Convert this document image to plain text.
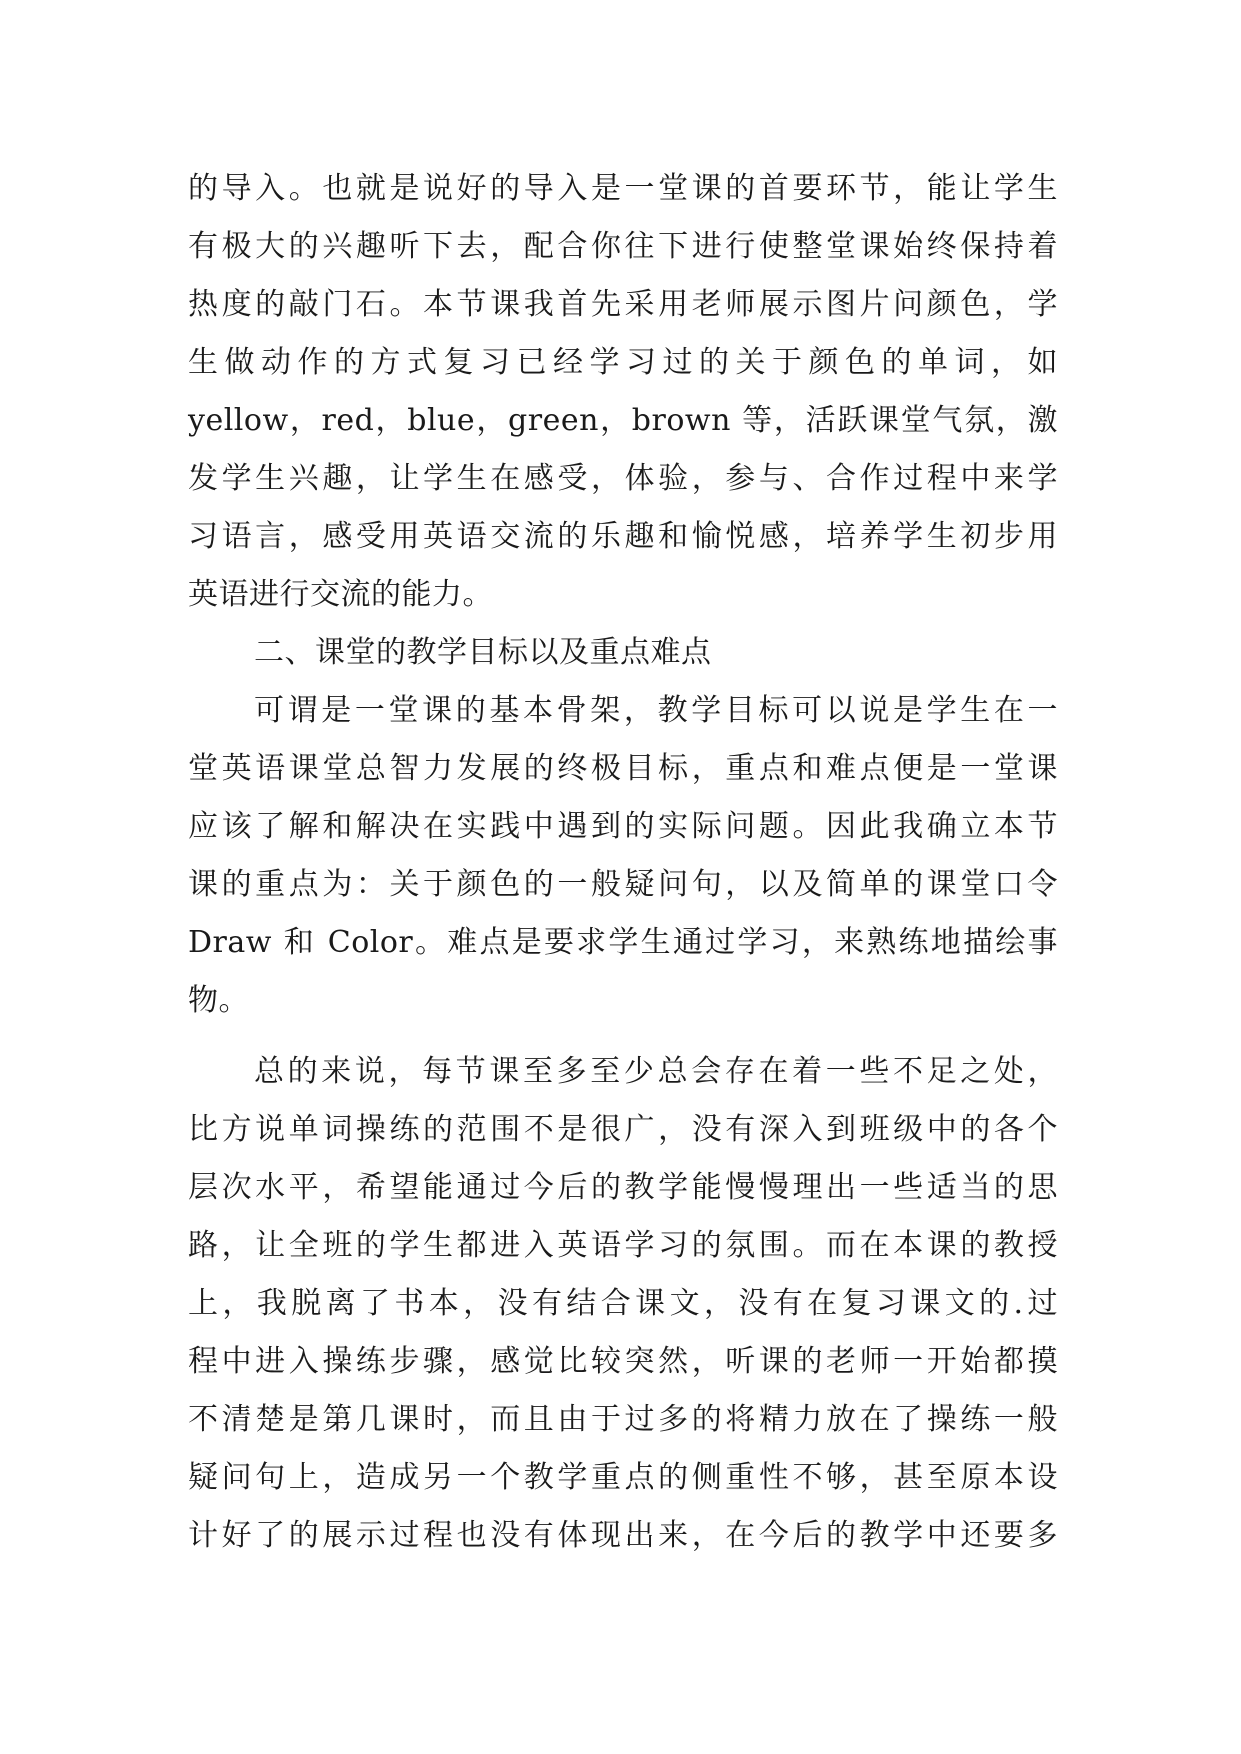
的导入。也就是说好的导入是一堂课的首要环节，能让学生
有极大的兴趣听下去，配合你往下进行使整堂课始终保持着
热度的敲门石。本节课我首先采用老师展示图片问颜色，学
生做动作的方式复习已经学习过的关于颜色的单词，如
yellow，red，blue，green，brown 等，活跃课堂气氛，激
发学生兴趣，让学生在感受，体验，参与、合作过程中来学
习语言，感受用英语交流的乐趣和愉悦感，培养学生初步用
英语进行交流的能力。
二、课堂的教学目标以及重点难点
可谓是一堂课的基本骨架，教学目标可以说是学生在一
堂英语课堂总智力发展的终极目标，重点和难点便是一堂课
应该了解和解决在实践中遇到的实际问题。因此我确立本节
课的重点为：关于颜色的一般疑问句，以及简单的课堂口令
Draw 和 Color。难点是要求学生通过学习，来熟练地描绘事
物。
总的来说，每节课至多至少总会存在着一些不足之处，
比方说单词操练的范围不是很广，没有深入到班级中的各个
层次水平，希望能通过今后的教学能慢慢理出一些适当的思
路，让全班的学生都进入英语学习的氛围。而在本课的教授
上，我脱离了书本，没有结合课文，没有在复习课文的.过
程中进入操练步骤，感觉比较突然，听课的老师一开始都摸
不清楚是第几课时，而且由于过多的将精力放在了操练一般
疑问句上，造成另一个教学重点的侧重性不够，甚至原本设
计好了的展示过程也没有体现出来，在今后的教学中还要多
